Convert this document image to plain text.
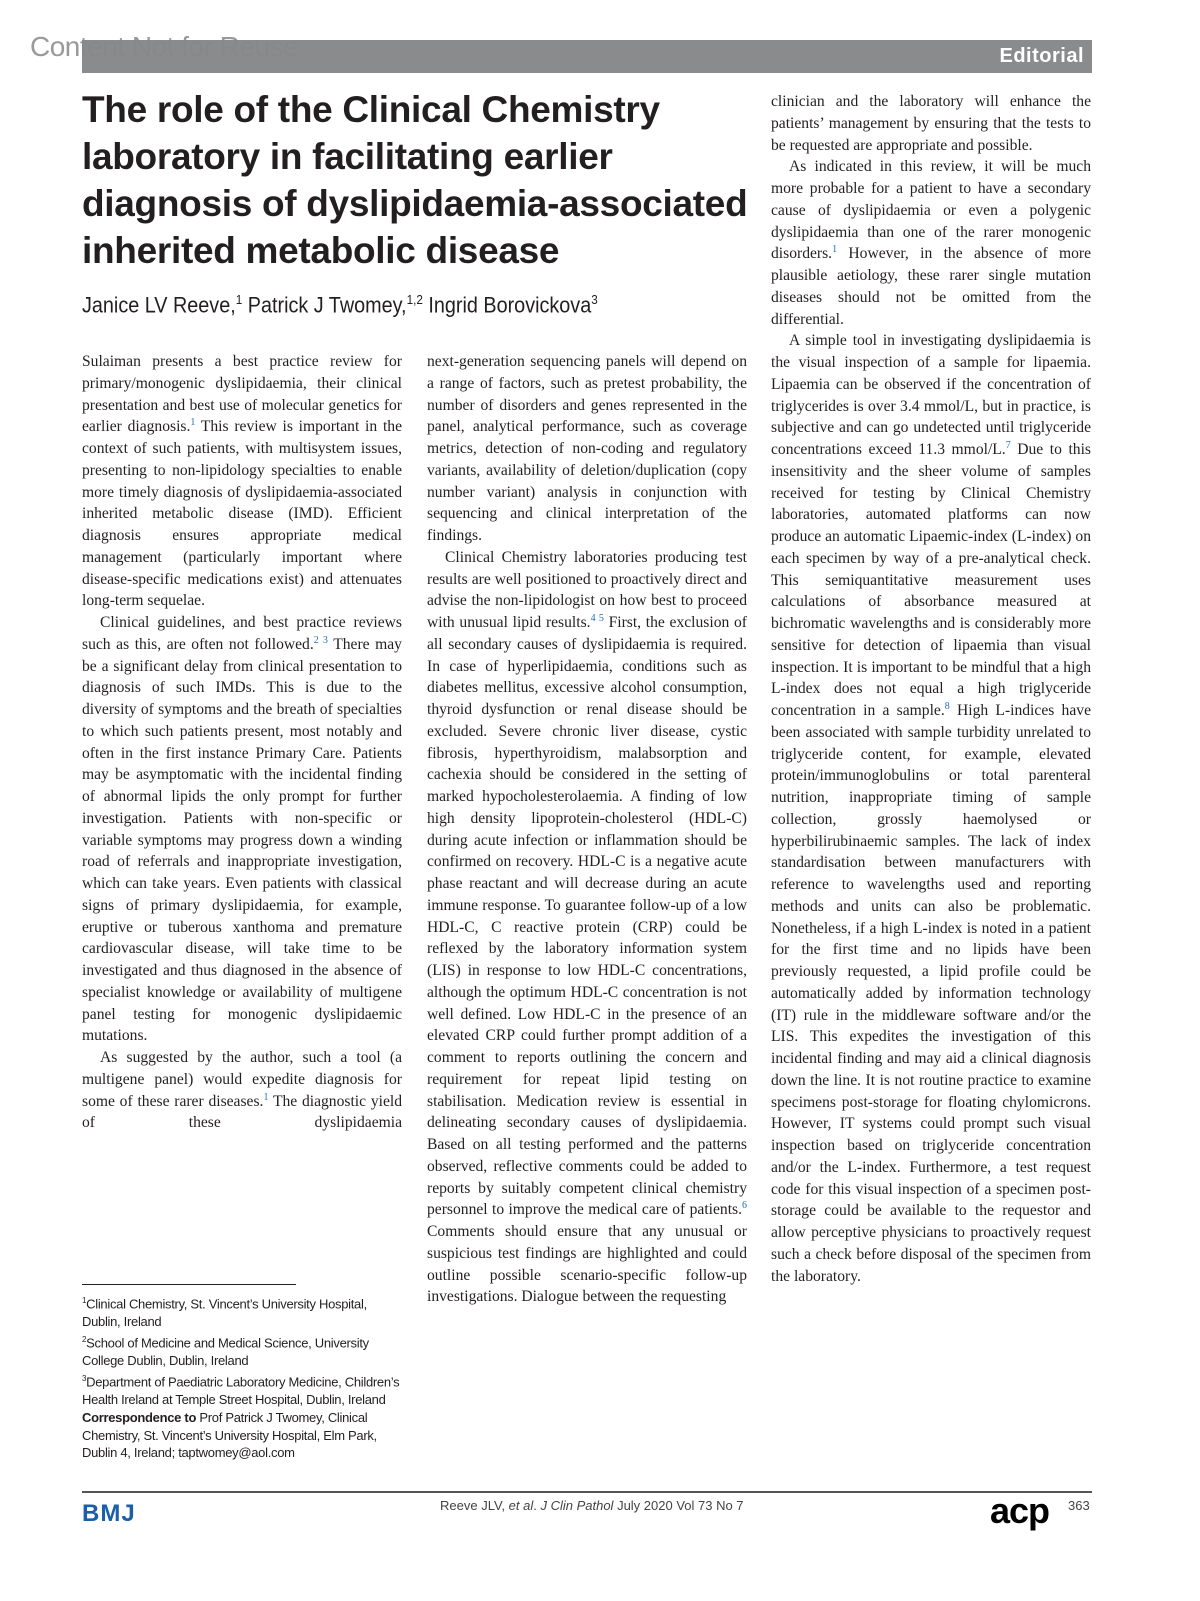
Content Not for Reuse	Editorial
The role of the Clinical Chemistry laboratory in facilitating earlier diagnosis of dyslipidaemia-associated inherited metabolic disease
Janice LV Reeve,$^1$ Patrick J Twomey,$^{1,2}$ Ingrid Borovickova$^3$

Sulaiman presents a best practice review for primary/monogenic dyslipidaemia, their clinical presentation and best use of molecular genetics for earlier diagnosis.$^1$ This review is important in the context of such patients, with multisystem issues, presenting to non-lipidology specialties to enable more timely diagnosis of dyslipidaemia-associated inherited metabolic disease (IMD). Efficient diagnosis ensures appropriate medical management (particularly important where disease-specific medications exist) and attenuates long-term sequelae.

Clinical guidelines, and best practice reviews such as this, are often not followed.$^{2 3}$ There may be a significant delay from clinical presentation to diagnosis of such IMDs. This is due to the diversity of symptoms and the breath of specialties to which such patients present, most notably and often in the first instance Primary Care. Patients may be asymptomatic with the incidental finding of abnormal lipids the only prompt for further investigation. Patients with non-specific or variable symptoms may progress down a winding road of referrals and inappropriate investigation, which can take years. Even patients with classical signs of primary dyslipidaemia, for example, eruptive or tuberous xanthoma and premature cardiovascular disease, will take time to be investigated and thus diagnosed in the absence of specialist knowledge or availability of multigene panel testing for monogenic dyslipidaemic mutations.

As suggested by the author, such a tool (a multigene panel) would expedite diagnosis for some of these rarer diseases.$^1$ The diagnostic yield of these dyslipidaemia

next-generation sequencing panels will depend on a range of factors, such as pretest probability, the number of disorders and genes represented in the panel, analytical performance, such as coverage metrics, detection of non-coding and regulatory variants, availability of deletion/duplication (copy number variant) analysis in conjunction with sequencing and clinical interpretation of the findings.

Clinical Chemistry laboratories producing test results are well positioned to proactively direct and advise the non-lipidologist on how best to proceed with unusual lipid results.$^{4 5}$ First, the exclusion of all secondary causes of dyslipidaemia is required. In case of hyperlipidaemia, conditions such as diabetes mellitus, excessive alcohol consumption, thyroid dysfunction or renal disease should be excluded. Severe chronic liver disease, cystic fibrosis, hyperthyroidism, malabsorption and cachexia should be considered in the setting of marked hypocholesterolaemia. A finding of low high density lipoprotein-cholesterol (HDL-C) during acute infection or inflammation should be confirmed on recovery. HDL-C is a negative acute phase reactant and will decrease during an acute immune response. To guarantee follow-up of a low HDL-C, C reactive protein (CRP) could be reflexed by the laboratory information system (LIS) in response to low HDL-C concentrations, although the optimum HDL-C concentration is not well defined. Low HDL-C in the presence of an elevated CRP could further prompt addition of a comment to reports outlining the concern and requirement for repeat lipid testing on stabilisation. Medication review is essential in delineating secondary causes of dyslipidaemia. Based on all testing performed and the patterns observed, reflective comments could be added to reports by suitably competent clinical chemistry personnel to improve the medical care of patients.$^6$ Comments should ensure that any unusual or suspicious test findings are highlighted and could outline possible scenario-specific follow-up investigations. Dialogue between the requesting

clinician and the laboratory will enhance the patients’ management by ensuring that the tests to be requested are appropriate and possible.

As indicated in this review, it will be much more probable for a patient to have a secondary cause of dyslipidaemia or even a polygenic dyslipidaemia than one of the rarer monogenic disorders.$^1$ However, in the absence of more plausible aetiology, these rarer single mutation diseases should not be omitted from the differential.

A simple tool in investigating dyslipidaemia is the visual inspection of a sample for lipaemia. Lipaemia can be observed if the concentration of triglycerides is over 3.4 mmol/L, but in practice, is subjective and can go undetected until triglyceride concentrations exceed 11.3 mmol/L.$^7$ Due to this insensitivity and the sheer volume of samples received for testing by Clinical Chemistry laboratories, automated platforms can now produce an automatic Lipaemic-index (L-index) on each specimen by way of a pre-analytical check. This semiquantitative measurement uses calculations of absorbance measured at bichromatic wavelengths and is considerably more sensitive for detection of lipaemia than visual inspection. It is important to be mindful that a high L-index does not equal a high triglyceride concentration in a sample.$^8$ High L-indices have been associated with sample turbidity unrelated to triglyceride content, for example, elevated protein/immunoglobulins or total parenteral nutrition, inappropriate timing of sample collection, grossly haemolysed or hyperbilirubinaemic samples. The lack of index standardisation between manufacturers with reference to wavelengths used and reporting methods and units can also be problematic. Nonetheless, if a high L-index is noted in a patient for the first time and no lipids have been previously requested, a lipid profile could be automatically added by information technology (IT) rule in the middleware software and/or the LIS. This expedites the investigation of this incidental finding and may aid a clinical diagnosis down the line. It is not routine practice to examine specimens post-storage for floating chylomicrons. However, IT systems could prompt such visual inspection based on triglyceride concentration and/or the L-index. Furthermore, a test request code for this visual inspection of a specimen post-storage could be available to the requestor and allow perceptive physicians to proactively request such a check before disposal of the specimen from the laboratory.

$^1$Clinical Chemistry, St. Vincent’s University Hospital, Dublin, Ireland
$^2$School of Medicine and Medical Science, University College Dublin, Dublin, Ireland
$^3$Department of Paediatric Laboratory Medicine, Children’s Health Ireland at Temple Street Hospital, Dublin, Ireland
Correspondence to Prof Patrick J Twomey, Clinical Chemistry, St. Vincent’s University Hospital, Elm Park, Dublin 4, Ireland; taptwomey@aol.com
BMJ	Reeve JLV, et al. J Clin Pathol July 2020 Vol 73 No 7	acp 363
